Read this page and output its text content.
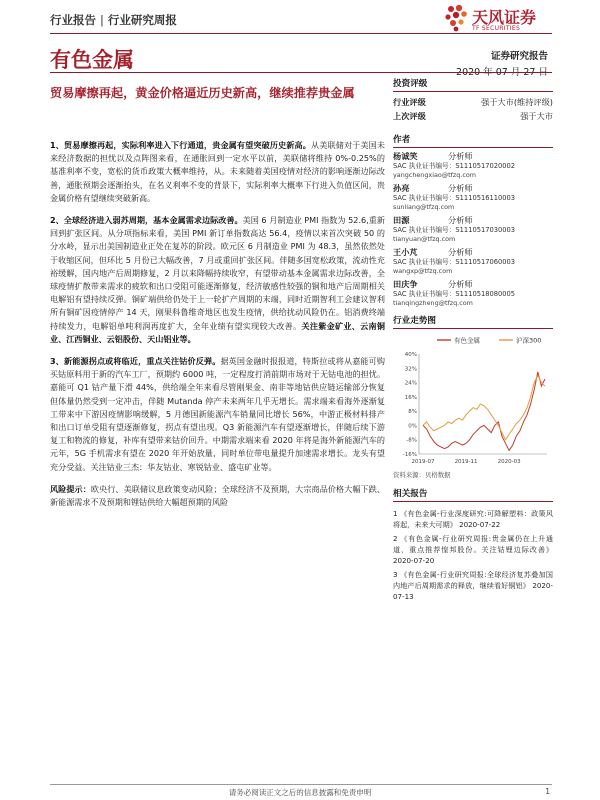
行业报告 | 行业研究周报	天风证券
TF SECURITIES
有色金属	证券研究报告
2020 年 07 月 27 日
贸易摩擦再起，黄金价格逼近历史新高，继续推荐贵金属

1、贸易摩擦再起，实际利率进入下行通道，贵金属有望突破历史新高。从美联储对于美国未来经济数据的担忧以及点阵图来看，在通胀回到一定水平以前，美联储将维持 0%-0.25%的基准利率不变，宽松的货币政策大概率维持，从。未来随着美国疫情对经济的影响逐渐边际改善，通胀预期会逐渐抬头，在名义利率不变的背景下，实际利率大概率下行进入负值区间，贵金属价格有望继续突破新高。

2、全球经济进入弱苏周期，基本金属需求边际改善。美国 6 月制造业 PMI 指数为 52.6,重新回到扩张区间。从分项指标来看，美国 PMI 新订单指数高达 56.4，疫情以来首次突破 50 的分水岭，显示出美国制造业正处在复苏的阶段。欧元区 6 月制造业 PMI 为 48.3，虽然依然处于收缩区间，但环比 5 月份已大幅改善，7 月或重回扩张区间。伴随多国宽松政策，流动性充裕缓解，国内地产后周期修复，2 月以来降幅持续收窄，有望带动基本金属需求边际改善，全球疫情扩散带来需求的疲软和出口受阻可能逐渐修复，经济敏感性较强的铜和地产后周期相关电解铝有望持续反弹。铜矿端供给仍处于上一轮扩产周期的末端，同时近期智利工会建议智利所有铜矿因疫情停产 14 天，刚果科鲁维奇地区也发生疫情，供给扰动风险仍在。铝消费终端持续发力，电解铝单吨利润再度扩大，全年业绩有望实现较大改善。关注紫金矿业、云南铜业、江西铜业、云铝股份、天山铝业等。

3、新能源拐点或将临近，重点关注钴价反弹。据英国金融时报报道，特斯拉或将从嘉能可购买钴原料用于新的汽车工厂，预期约 6000 吨，一定程度打消前期市场对于无钴电池的担忧。嘉能可 Q1 钴产量下滑 44%，供给端全年来看尽管刚果金、南非等地钴供应链运输部分恢复但体量仍然受到一定冲击，伴随 Mutanda 停产未来两年几乎无增长。需求端来看海外逐渐复工带来中下游因疫情影响缓解，5 月德国新能源汽车销量同比增长 56%，中游正极材料排产和出口订单受阻有望逐渐修复，拐点有望出现。Q3 新能源汽车有望逐渐增长，伴随后续下游复工和物流的修复，补库有望带来钴价回升。中期需求端来看 2020 年将是海外新能源汽车的元年，5G 手机需求有望在 2020 年开始放量，同时单位带电量提升加速需求增长。龙头有望充分受益。关注钴业三杰：华友钴业、寒锐钴业、盛屯矿业等。

风险提示：欧央行、美联储议息政策变动风险；全球经济不及预期，大宗商品价格大幅下跌、新能源需求不及预期和锂钴供给大幅超预期的风险

投资评级
行业评级	强于大市(维持评级)
上次评级	强于大市
作者
杨诚笑	分析师
SAC 执业证书编号：S1110517020002
yangchengxiao@tfzq.com
孙亮	分析师
SAC 执业证书编号：S1110516110003
sunliang@tfzq.com
田源	分析师
SAC 执业证书编号：S1110517030003
tianyuan@tfzq.com
王小芃	分析师
SAC 执业证书编号：S1110517060003
wangxp@tfzq.com
田庆争	分析师
SAC 执业证书编号：S1110518080005
tianqingzheng@tfzq.com
行业走势图
有色金属	沪深300
40%
32%
24%
16%
8%
0%
-8%
-16%
2019-07	2019-11	2020-03
资料来源：贝格数据
相关报告
1 《有色金属-行业深度研究:可降解塑料：政策风将起，未来大可期》 2020-07-22
2 《有色金属-行业研究周报:贵金属仍在上升通道，重点推荐惶邦股份。关注钴锂边际改善》 2020-07-20
3 《有色金属-行业研究周报:全球经济复苏叠加国内地产后周期需求的释放，继续看好铜铝》 2020-07-13
请务必阅读正文之后的信息披露和免责申明	1
